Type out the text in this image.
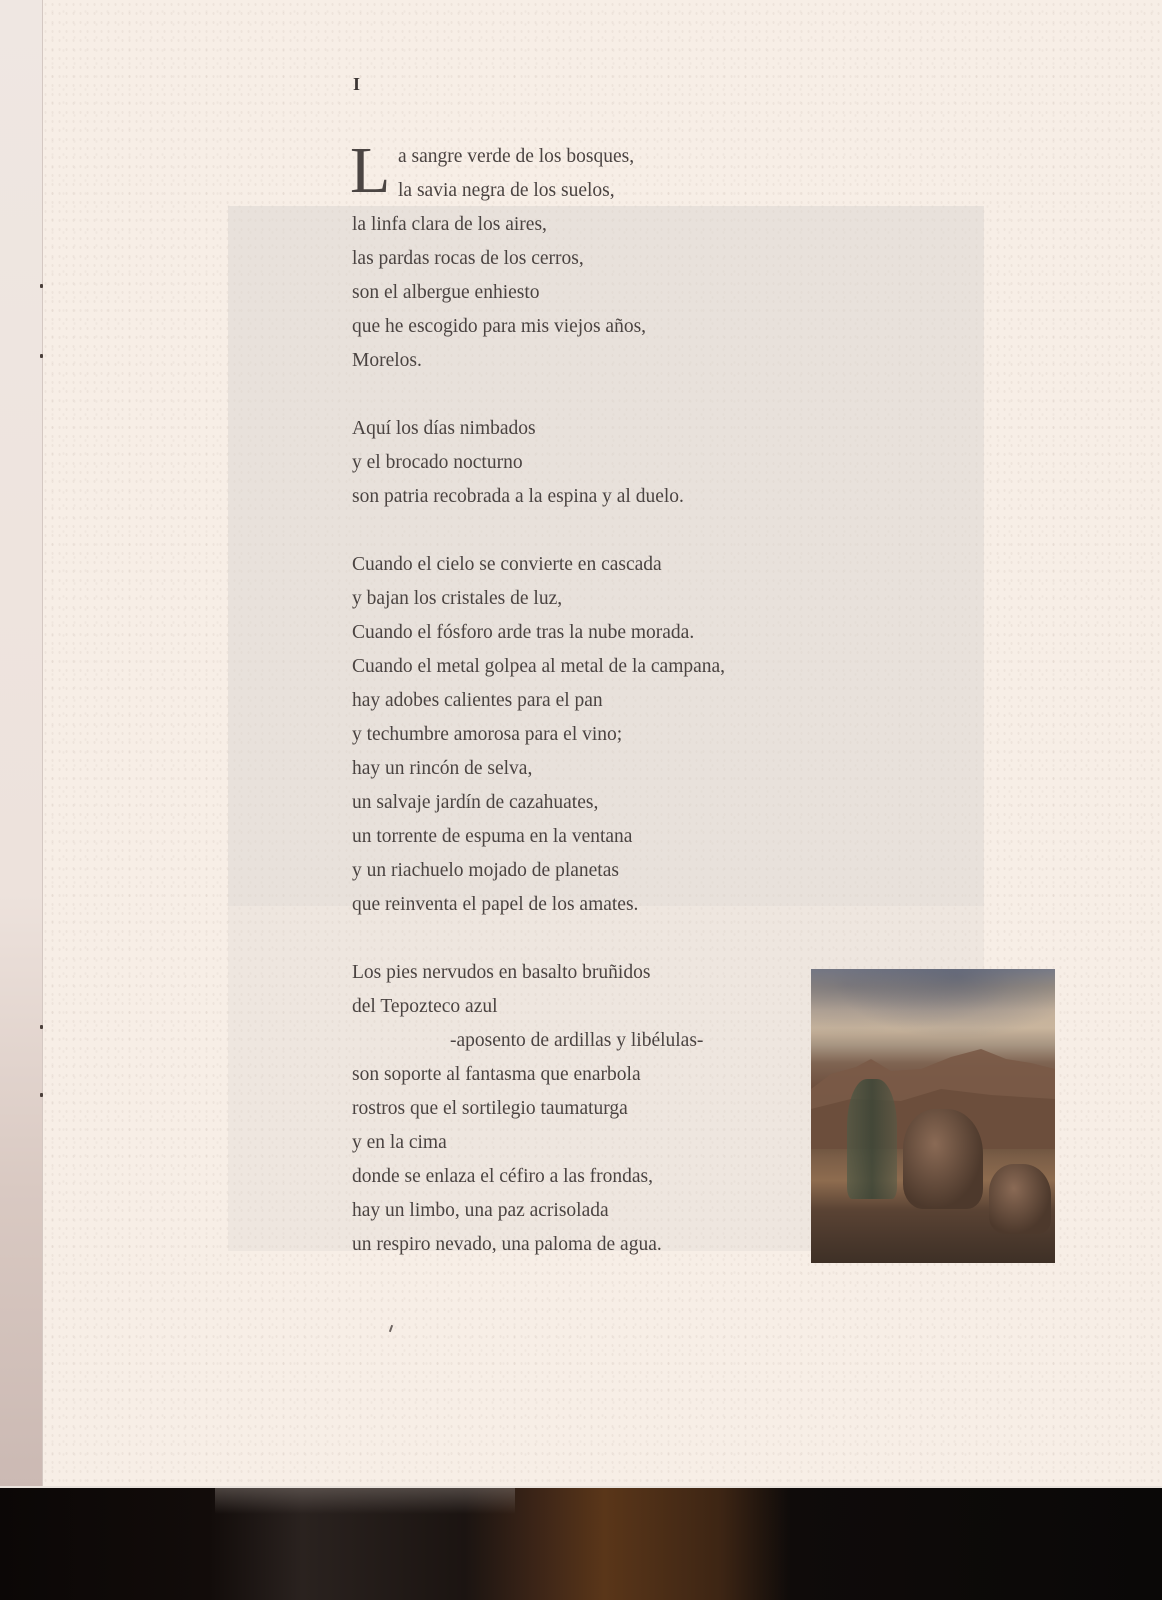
I
L a sangre verde de los bosques,
la savia negra de los suelos,
la linfa clara de los aires,
las pardas rocas de los cerros,
son el albergue enhiesto
que he escogido para mis viejos años,
Morelos.
Aquí los días nimbados
y el brocado nocturno
son patria recobrada a la espina y al duelo.
Cuando el cielo se convierte en cascada
y bajan los cristales de luz,
Cuando el fósforo arde tras la nube morada.
Cuando el metal golpea al metal de la campana,
hay adobes calientes para el pan
y techumbre amorosa para el vino;
hay un rincón de selva,
un salvaje jardín de cazahuates,
un torrente de espuma en la ventana
y un riachuelo mojado de planetas
que reinventa el papel de los amates.
Los pies nervudos en basalto bruñidos
del Tepozteco azul
-aposento de ardillas y libélulas-
son soporte al fantasma que enarbola
rostros que el sortilegio taumaturga
y en la cima
donde se enlaza el céfiro a las frondas,
hay un limbo, una paz acrisolada
un respiro nevado, una paloma de agua.
